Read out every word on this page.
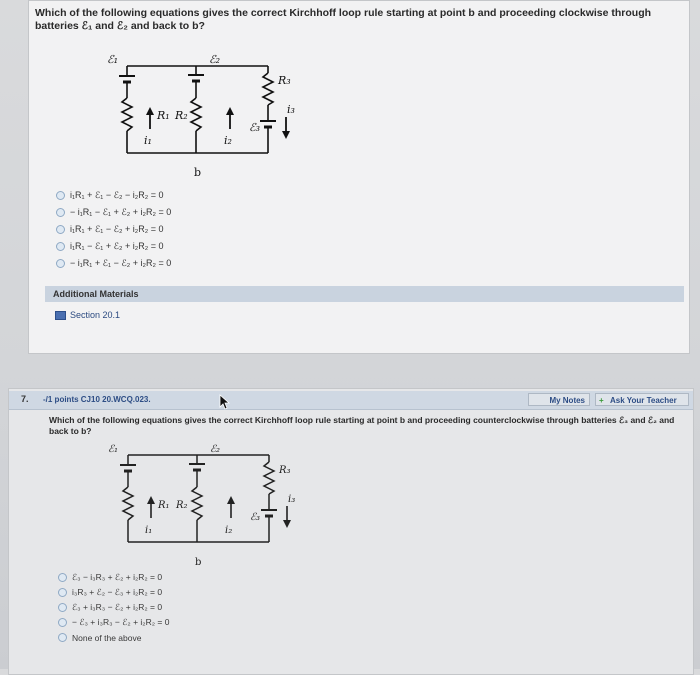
Which of the following equations gives the correct Kirchhoff loop rule starting at point b and proceeding clockwise through batteries ℰ₁ and ℰ₂ and back to b?
ℰ₁	ℰ₂
ℰ₃
R₁ R₂
R₃
i₁	i₂
i₃
b
i₁R₁ + ℰ₁ − ℰ₂ − i₂R₂ = 0
− i₁R₁ − ℰ₁ + ℰ₂ + i₂R₂ = 0
i₁R₁ + ℰ₁ − ℰ₂ + i₂R₂ = 0
i₁R₁ − ℰ₁ + ℰ₂ + i₂R₂ = 0
− i₁R₁ + ℰ₁ − ℰ₂ + i₂R₂ = 0
Additional Materials
Section 20.1
7. -/1 points CJ10 20.WCQ.023.	My Notes
+	Ask Your Teacher
Which of the following equations gives the correct Kirchhoff loop rule starting at point b and proceeding counterclockwise through batteries ℰ₃ and ℰ₂ and back to b?
ℰ₁	ℰ₂
ℰ₃
R₁ R₂
R₃
i₁	i₂
i₃
b
ℰ₃ − i₃R₃ + ℰ₂ + i₂R₂ = 0
i₃R₃ + ℰ₂ − ℰ₃ + i₂R₂ = 0
ℰ₃ + i₃R₃ − ℰ₂ + i₂R₂ = 0
− ℰ₃ + i₃R₃ − ℰ₂ + i₂R₂ = 0
None of the above
